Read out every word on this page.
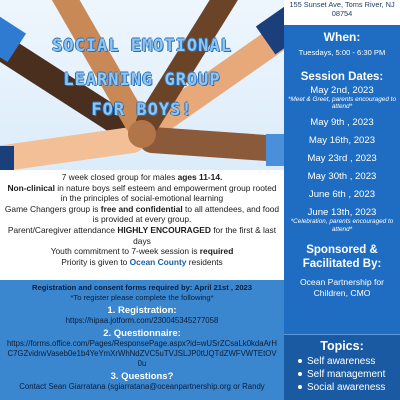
SOCIAL EMOTIONAL
LEARNING GROUP
FOR BOYS!

7 week closed group for males ages 11-14.

Non-clinical in nature boys self esteem and empowerment group rooted in the principles of social-emotional learning

Game Changers group is free and confidential to all attendees, and food is provided at every group.

Parent/Caregiver attendance HIGHLY ENCOURAGED for the first & last days

Youth commitment to 7-week session is required

Priority is given to Ocean County residents

Registration and consent forms required by: April 21st , 2023
*To register please complete the following*
1. Registration:
https://hipaa.jotform.com/230045345277058
2. Questionnaire:
https://forms.office.com/Pages/ResponsePage.aspx?id=wUSrZCsaLk0kdaArHC7GZvidrwVaseb0e1b4YeYmXrWhNdZVC5uTVJSLJP0tUQTdZWFVWTEtOV0u
3. Questions?
Contact Sean Giarratana (sgiarratana@oceanpartnership.org or Randy
155 Sunset Ave, Toms River, NJ 08754
When:
Tuesdays, 5:00 - 6:30 PM
Session Dates:
May 2nd, 2023
*Meet & Greet, parents encouraged to attend*
May 9th , 2023
May 16th, 2023
May 23rd , 2023
May 30th , 2023
June 6th , 2023
June 13th, 2023
*Celebration, parents encouraged to attend*
Sponsored &
Facilitated By:
Ocean Partnership for Children, CMO
Topics:
Self awareness
Self management
Social awareness
